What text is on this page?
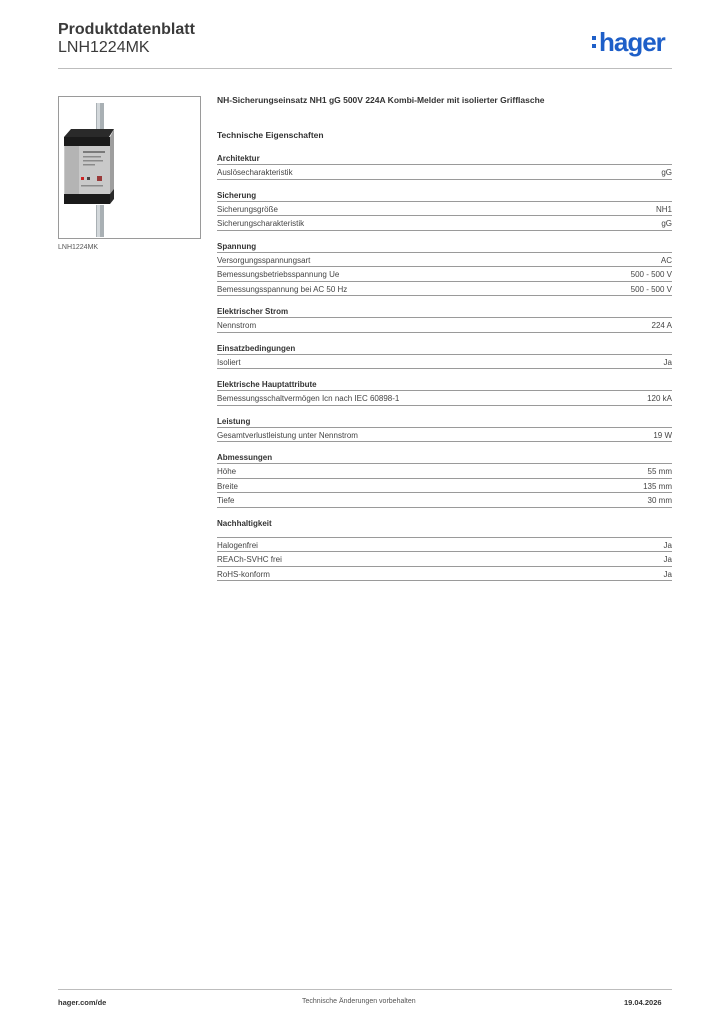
Produktdatenblatt
LNH1224MK	hager
LNH1224MK
NH-Sicherungseinsatz NH1 gG 500V 224A Kombi-Melder mit isolierter Grifflasche
Technische Eigenschaften
Architektur
Auslösecharakteristik	gG
Sicherung
Sicherungsgröße	NH1
Sicherungscharakteristik	gG
Spannung
Versorgungsspannungsart	AC
Bemessungsbetriebsspannung Ue	500 - 500 V
Bemessungsspannung bei AC 50 Hz	500 - 500 V
Elektrischer Strom
Nennstrom	224 A
Einsatzbedingungen
Isoliert	Ja
Elektrische Hauptattribute
Bemessungsschaltvermögen Icn nach IEC 60898-1	120 kA
Leistung
Gesamtverlustleistung unter Nennstrom	19 W
Abmessungen
Höhe	55 mm
Breite	135 mm
Tiefe	30 mm
Nachhaltigkeit
Halogenfrei	Ja
REACh-SVHC frei	Ja
RoHS-konform	Ja
hager.com/de	Technische Änderungen vorbehalten	19.04.2026
